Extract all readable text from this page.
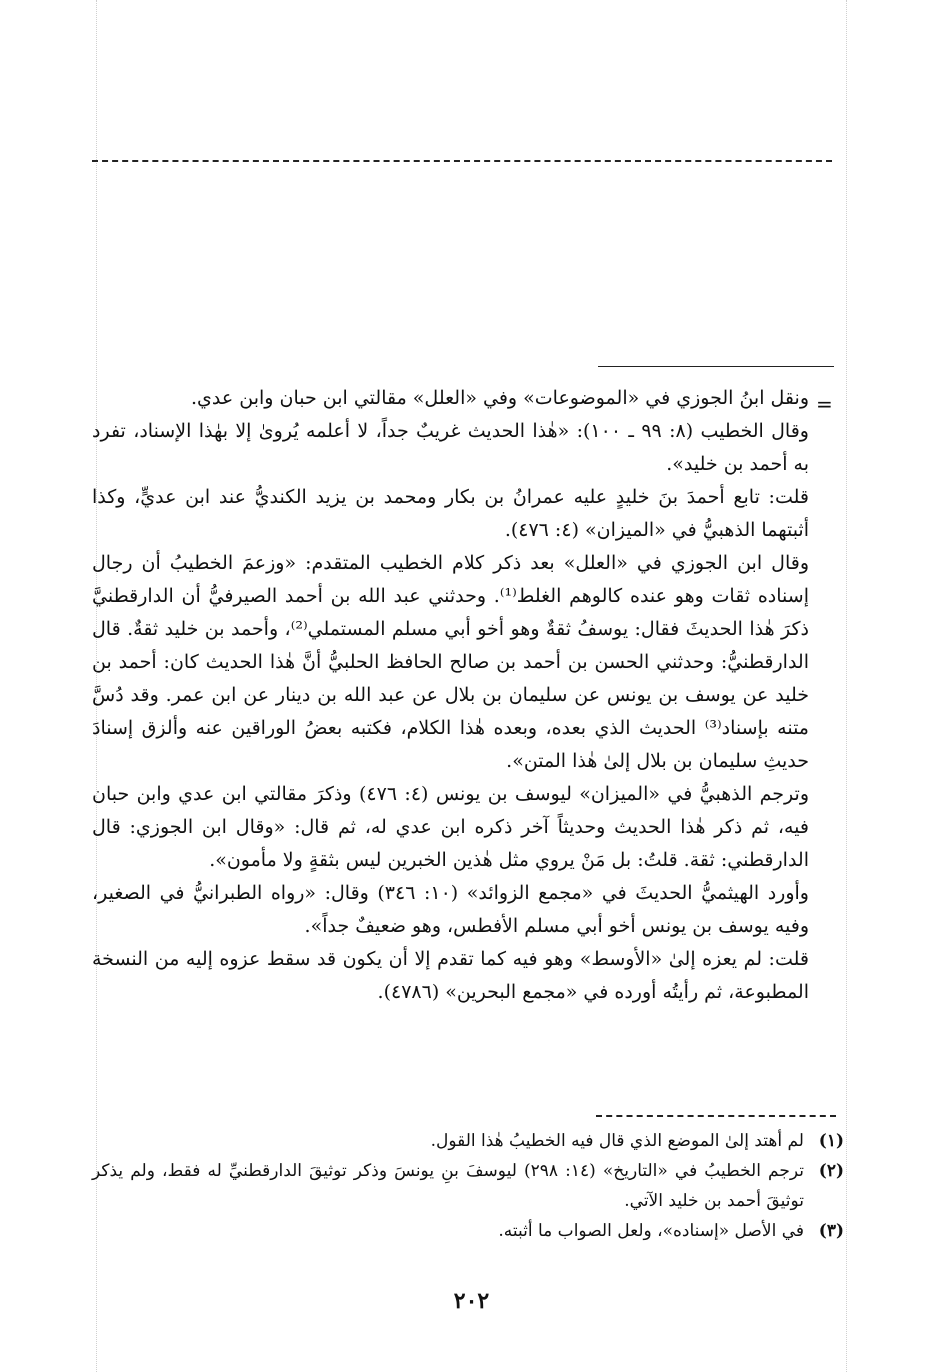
=

ونقل ابنُ الجوزي في «الموضوعات» وفي «العلل» مقالتي ابن حبان وابن عدي.

وقال الخطيب (٨: ٩٩ ـ ١٠٠): «هٰذا الحديث غريبٌ جداً، لا أعلمه يُروىٰ إلا بهٰذا الإسناد، تفرد به أحمد بن خليد».

قلت: تابع أحمدَ بنَ خليدٍ عليه عمرانُ بن بكار ومحمد بن يزيد الكنديُّ عند ابن عديٍّ، وكذا أثبتهما الذهبيُّ في «الميزان» (٤: ٤٧٦).

وقال ابن الجوزي في «العلل» بعد ذكر كلام الخطيب المتقدم: «وزعمَ الخطيبُ أن رجال إسناده ثقات وهو عنده كالوهم الغلط⁽¹⁾. وحدثني عبد الله بن أحمد الصيرفيُّ أن الدارقطنيَّ ذكرَ هٰذا الحديثَ فقال: يوسفُ ثقةٌ وهو أخو أبي مسلم المستملي⁽²⁾، وأحمد بن خليد ثقةٌ. قال الدارقطنيُّ: وحدثني الحسن بن أحمد بن صالح الحافظ الحلبيُّ أنَّ هٰذا الحديث كان: أحمد بن خليد عن يوسف بن يونس عن سليمان بن بلال عن عبد الله بن دينار عن ابن عمر. وقد دُسَّ متنه بإسناد⁽³⁾ الحديث الذي بعده، وبعده هٰذا الكلام، فكتبه بعضُ الوراقين عنه وألزق إسنادَ حديثِ سليمان بن بلال إلىٰ هٰذا المتن».

وترجم الذهبيُّ في «الميزان» ليوسف بن يونس (٤: ٤٧٦) وذكرَ مقالتي ابن عدي وابن حبان فيه، ثم ذكر هٰذا الحديث وحديثاً آخر ذكره ابن عدي له، ثم قال: «وقال ابن الجوزي: قال الدارقطني: ثقة. قلتُ: بل مَنْ يروي مثل هٰذين الخبرين ليس بثقةٍ ولا مأمون».

وأورد الهيثميُّ الحديثَ في «مجمع الزوائد» (١٠: ٣٤٦) وقال: «رواه الطبرانيُّ في الصغير، وفيه يوسف بن يونس أخو أبي مسلم الأفطس، وهو ضعيفٌ جداً».

قلت: لم يعزه إلىٰ «الأوسط» وهو فيه كما تقدم إلا أن يكون قد سقط عزوه إليه من النسخة المطبوعة، ثم رأيتُه أورده في «مجمع البحرين» (٤٧٨٦).

(١)
لم أهتد إلىٰ الموضع الذي قال فيه الخطيبُ هٰذا القول.
(٢)
ترجم الخطيبُ في «التاريخ» (١٤: ٢٩٨) ليوسفَ بنِ يونسَ وذكر توثيقَ الدارقطنيِّ له فقط، ولم يذكر توثيقَ أحمد بن خليد الآتي.
(٣)
في الأصل «إسناده»، ولعل الصواب ما أثبته.
٢٠٢
